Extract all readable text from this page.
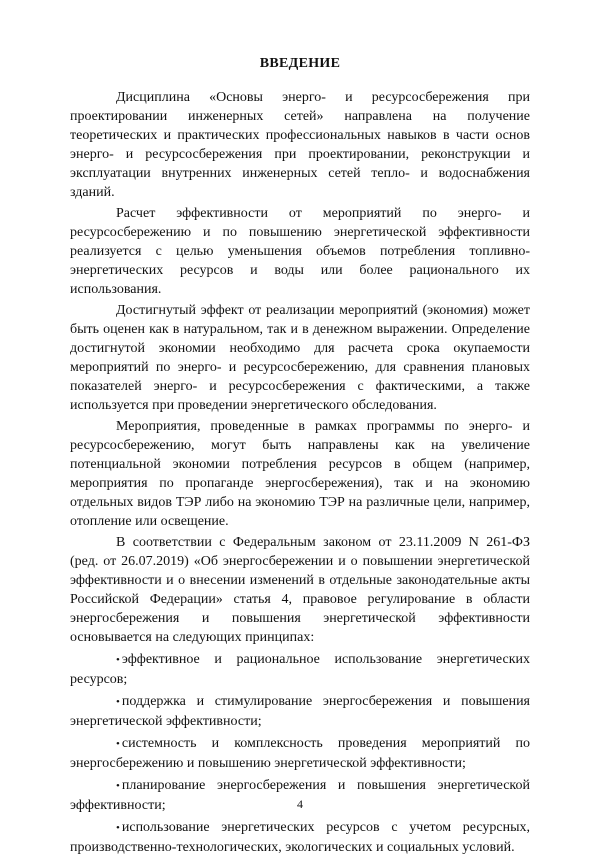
ВВЕДЕНИЕ

Дисциплина «Основы энерго- и ресурсосбережения при проектировании инженерных сетей» направлена на получение теоретических и практических профессиональных навыков в части основ энерго- и ресурсосбережения при проектировании, реконструкции и эксплуатации внутренних инженерных сетей тепло- и водоснабжения зданий.

Расчет эффективности от мероприятий по энерго- и ресурсосбережению и по повышению энергетической эффективности реализуется с целью уменьшения объемов потребления топливно-энергетических ресурсов и воды или более рационального их использования.

Достигнутый эффект от реализации мероприятий (экономия) может быть оценен как в натуральном, так и в денежном выражении. Определение достигнутой экономии необходимо для расчета срока окупаемости мероприятий по энерго- и ресурсосбережению, для сравнения плановых показателей энерго- и ресурсосбережения с фактическими, а также используется при проведении энергетического обследования.

Мероприятия, проведенные в рамках программы по энерго- и ресурсосбережению, могут быть направлены как на увеличение потенциальной экономии потребления ресурсов в общем (например, мероприятия по пропаганде энергосбережения), так и на экономию отдельных видов ТЭР либо на экономию ТЭР на различные цели, например, отопление или освещение.

В соответствии с Федеральным законом от 23.11.2009 N 261-ФЗ (ред. от 26.07.2019) «Об энергосбережении и о повышении энергетической эффективности и о внесении изменений в отдельные законодательные акты Российской Федерации» статья 4, правовое регулирование в области энергосбережения и повышения энергетической эффективности основывается на следующих принципах:

• эффективное и рациональное использование энергетических ресурсов;

• поддержка и стимулирование энергосбережения и повышения энергетической эффективности;

• системность и комплексность проведения мероприятий по энергосбережению и повышению энергетической эффективности;

• планирование энергосбережения и повышения энергетической эффективности;

• использование энергетических ресурсов с учетом ресурсных, производственно-технологических, экологических и социальных условий.

4
